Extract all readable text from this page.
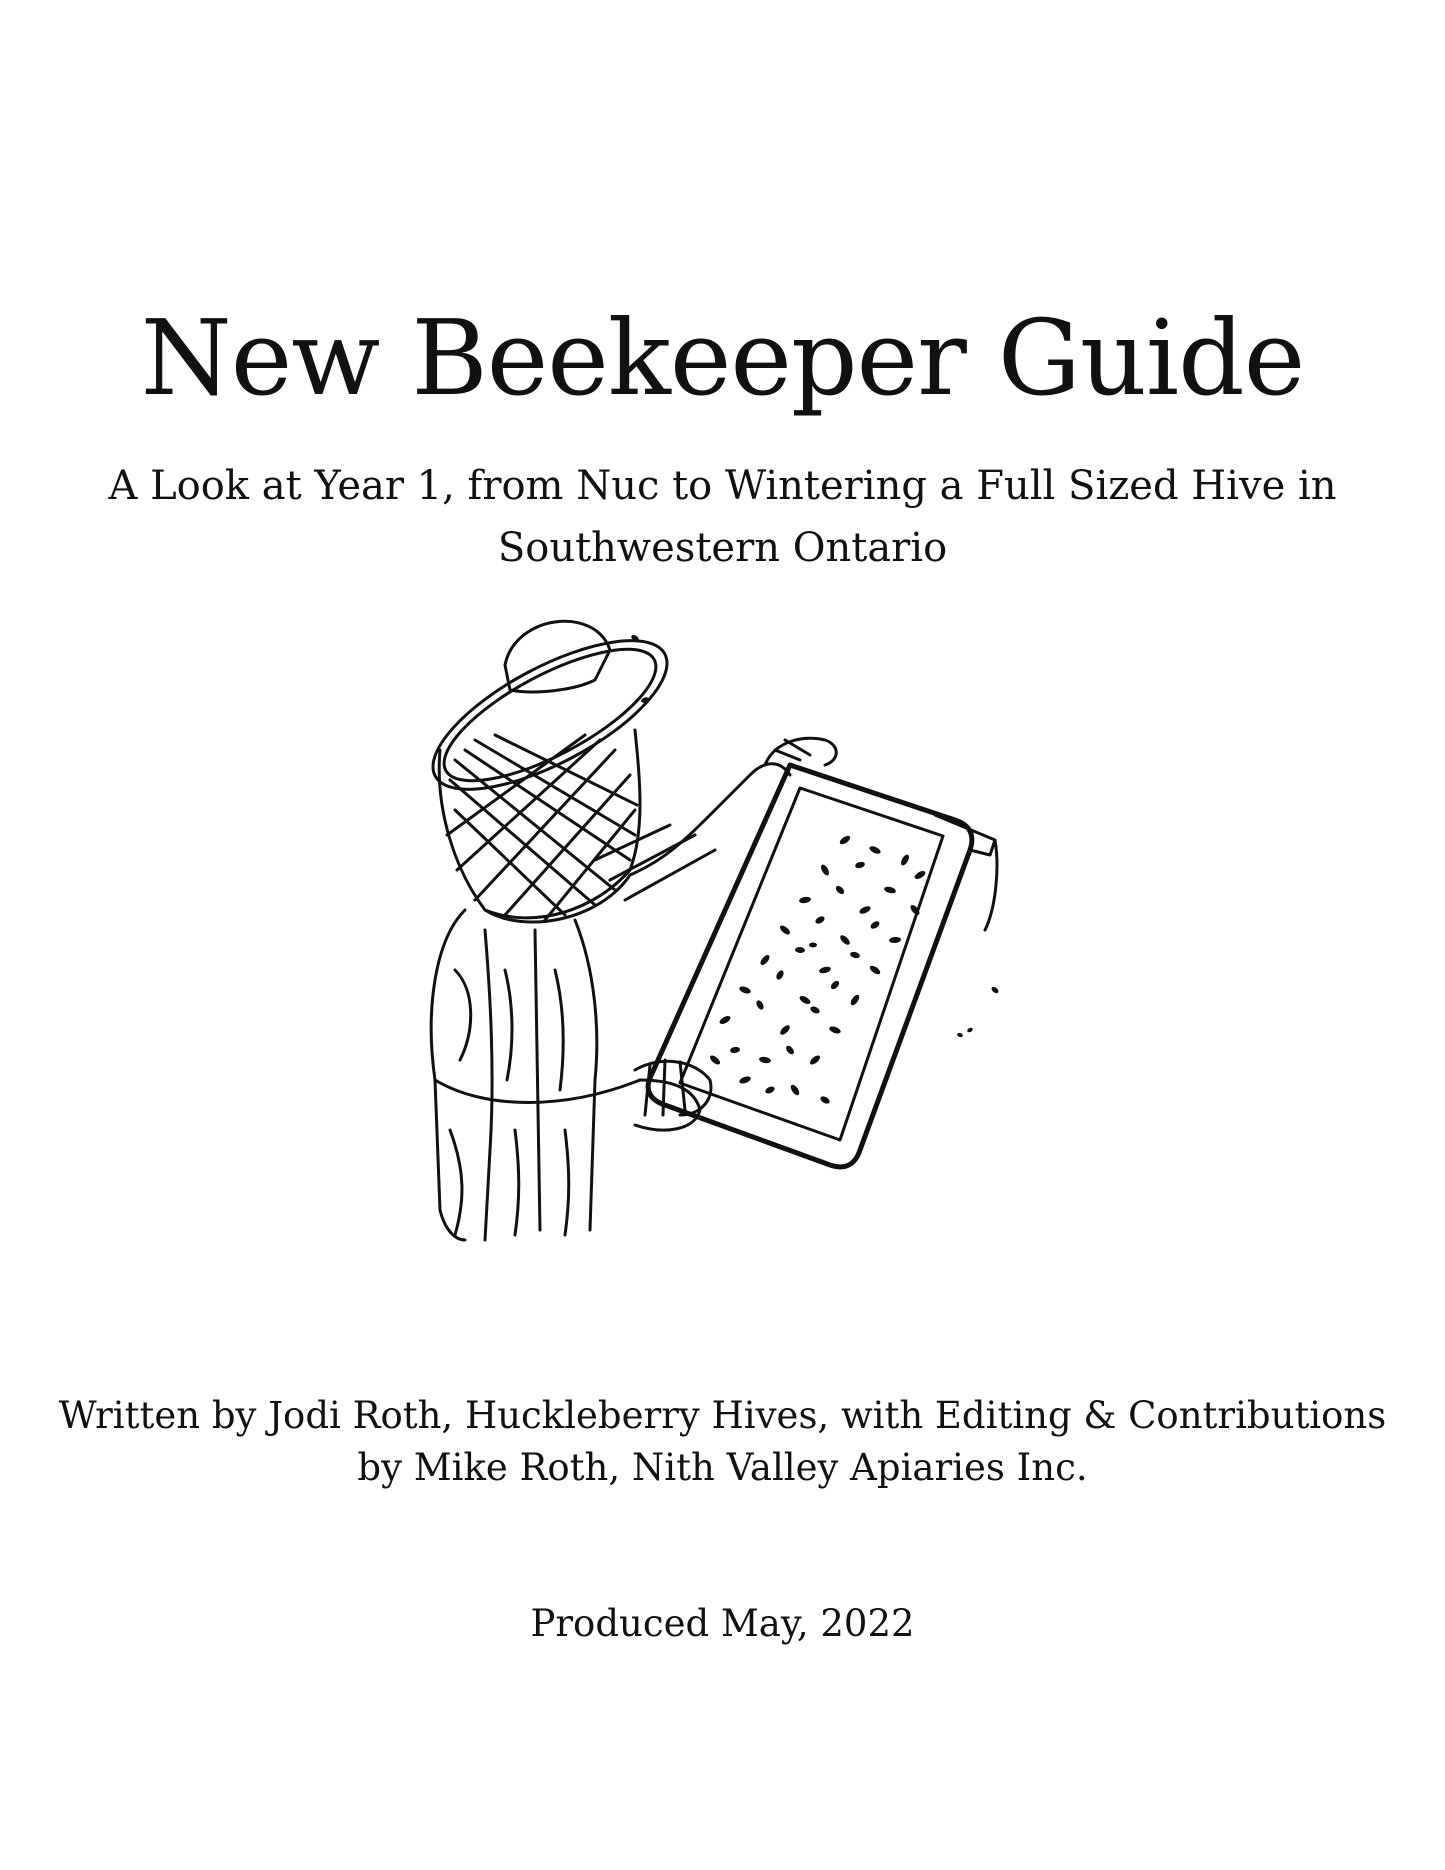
New Beekeeper Guide
A Look at Year 1, from Nuc to Wintering a Full Sized Hive in
Southwestern Ontario
Written by Jodi Roth, Huckleberry Hives, with Editing & Contributions
by Mike Roth, Nith Valley Apiaries Inc.
Produced May, 2022
